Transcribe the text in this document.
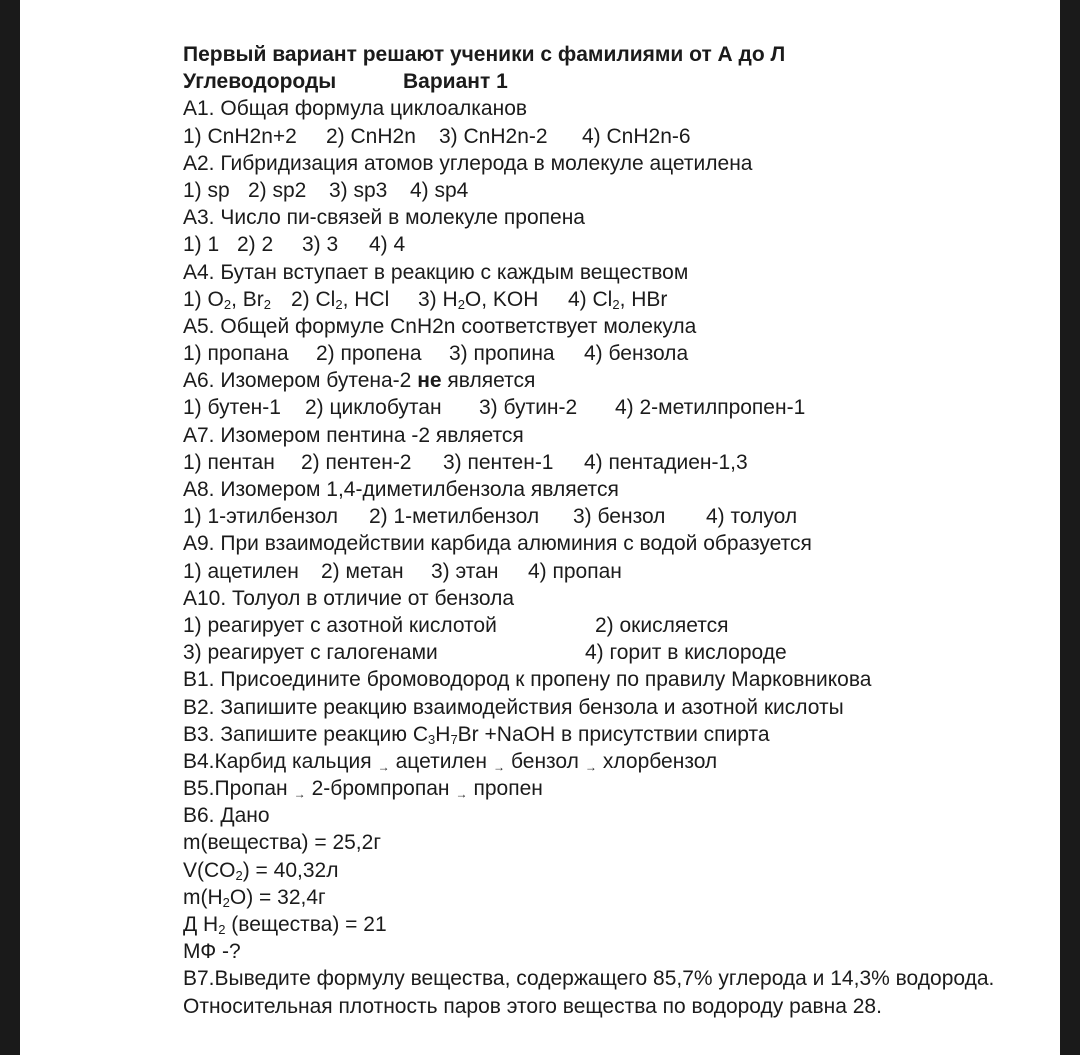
Первый вариант решают ученики с фамилиями от А до Л
Углеводороды	Вариант 1
А1. Общая формула циклоалканов
1) CnH2n+2 2) CnH2n 3) CnH2n-2 4) CnH2n-6
А2. Гибридизация атомов углерода в молекуле ацетилена
1) sp 2) sp2 3) sp3 4) sp4
А3. Число пи-связей в молекуле пропена
1) 1 2) 2 3) 3 4) 4
А4. Бутан вступает в реакцию с каждым веществом
1) $O_2$, $Br_2$ 2) $Cl_2$, HCl 3) $H_2O$, KOH 4) $Cl_2$, HBr
А5. Общей формуле CnH2n соответствует молекула
1) пропана 2) пропена 3) пропина 4) бензола
А6. Изомером бутена-2 не является
1) бутен-1 2) циклобутан 3) бутин-2 4) 2-метилпропен-1
А7. Изомером пентина -2 является
1) пентан 2) пентен-2 3) пентен-1 4) пентадиен-1,3
А8. Изомером 1,4-диметилбензола является
1) 1-этилбензол 2) 1-метилбензол 3) бензол 4) толуол
А9. При взаимодействии карбида алюминия с водой образуется
1) ацетилен 2) метан 3) этан 4) пропан
А10. Толуол в отличие от бензола
1) реагирует с азотной кислотой	2) окисляется
3) реагирует с галогенами	4) горит в кислороде
В1. Присоедините бромоводород к пропену по правилу Марковникова
В2. Запишите реакцию взаимодействия бензола и азотной кислоты
В3. Запишите реакцию $С_3H_7Br$ +NaOH в присутствии спирта
В4.Карбид кальция → ацетилен → бензол → хлорбензол
В5.Пропан → 2-бромпропан → пропен
В6. Дано
m(вещества) = 25,2г
$V(CO_2) = 40,32л$
$m(H_2O) = 32,4г$
Д $Н_2$ (вещества) = 21
МФ -?
В7.Выведите формулу вещества, содержащего 85,7% углерода и 14,3% водорода.
Относительная плотность паров этого вещества по водороду равна 28.
